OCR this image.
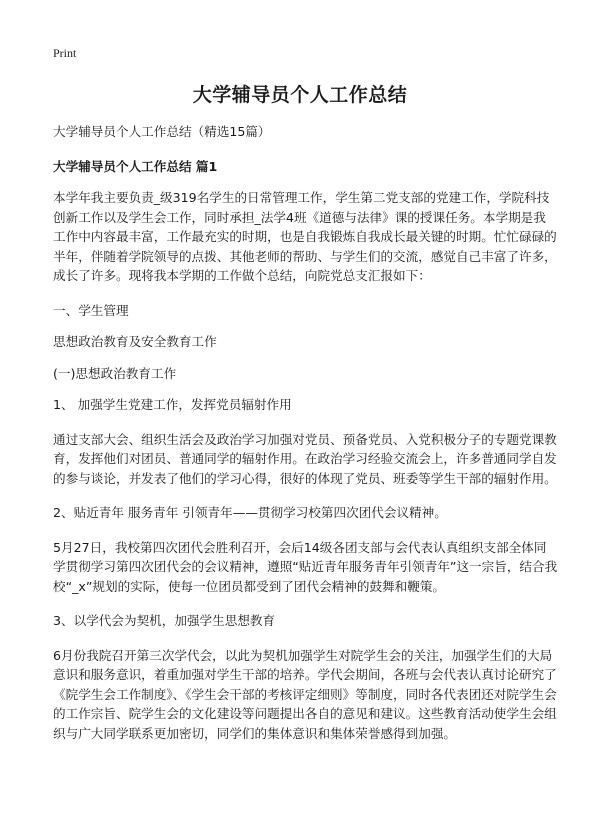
Print
大学辅导员个人工作总结

大学辅导员个人工作总结（精选15篇）

大学辅导员个人工作总结 篇1

本学年我主要负责_级319名学生的日常管理工作，学生第二党支部的党建工作，学院科技创新工作以及学生会工作，同时承担_法学4班《道德与法律》课的授课任务。本学期是我工作中内容最丰富，工作最充实的时期，也是自我锻炼自我成长最关键的时期。忙忙碌碌的半年，伴随着学院领导的点拨、其他老师的帮助、与学生们的交流，感觉自己丰富了许多，成长了许多。现将我本学期的工作做个总结，向院党总支汇报如下：

一、学生管理

思想政治教育及安全教育工作

(一)思想政治教育工作

1、 加强学生党建工作，发挥党员辐射作用

通过支部大会、组织生活会及政治学习加强对党员、预备党员、入党积极分子的专题党课教育，发挥他们对团员、普通同学的辐射作用。在政治学习经验交流会上，许多普通同学自发的参与谈论，并发表了他们的学习心得，很好的体现了党员、班委等学生干部的辐射作用。

2、贴近青年 服务青年 引领青年——贯彻学习校第四次团代会议精神。

5月27日，我校第四次团代会胜利召开，会后14级各团支部与会代表认真组织支部全体同学贯彻学习第四次团代会的会议精神，遵照“贴近青年服务青年引领青年”这一宗旨，结合我校“_x”规划的实际，使每一位团员都受到了团代会精神的鼓舞和鞭策。

3、以学代会为契机，加强学生思想教育

6月份我院召开第三次学代会，以此为契机加强学生对院学生会的关注，加强学生们的大局意识和服务意识，着重加强对学生干部的培养。学代会期间，各班与会代表认真讨论研究了《院学生会工作制度》、《学生会干部的考核评定细则》等制度，同时各代表团还对院学生会的工作宗旨、院学生会的文化建设等问题提出各自的意见和建议。这些教育活动使学生会组织与广大同学联系更加密切，同学们的集体意识和集体荣誉感得到加强。
